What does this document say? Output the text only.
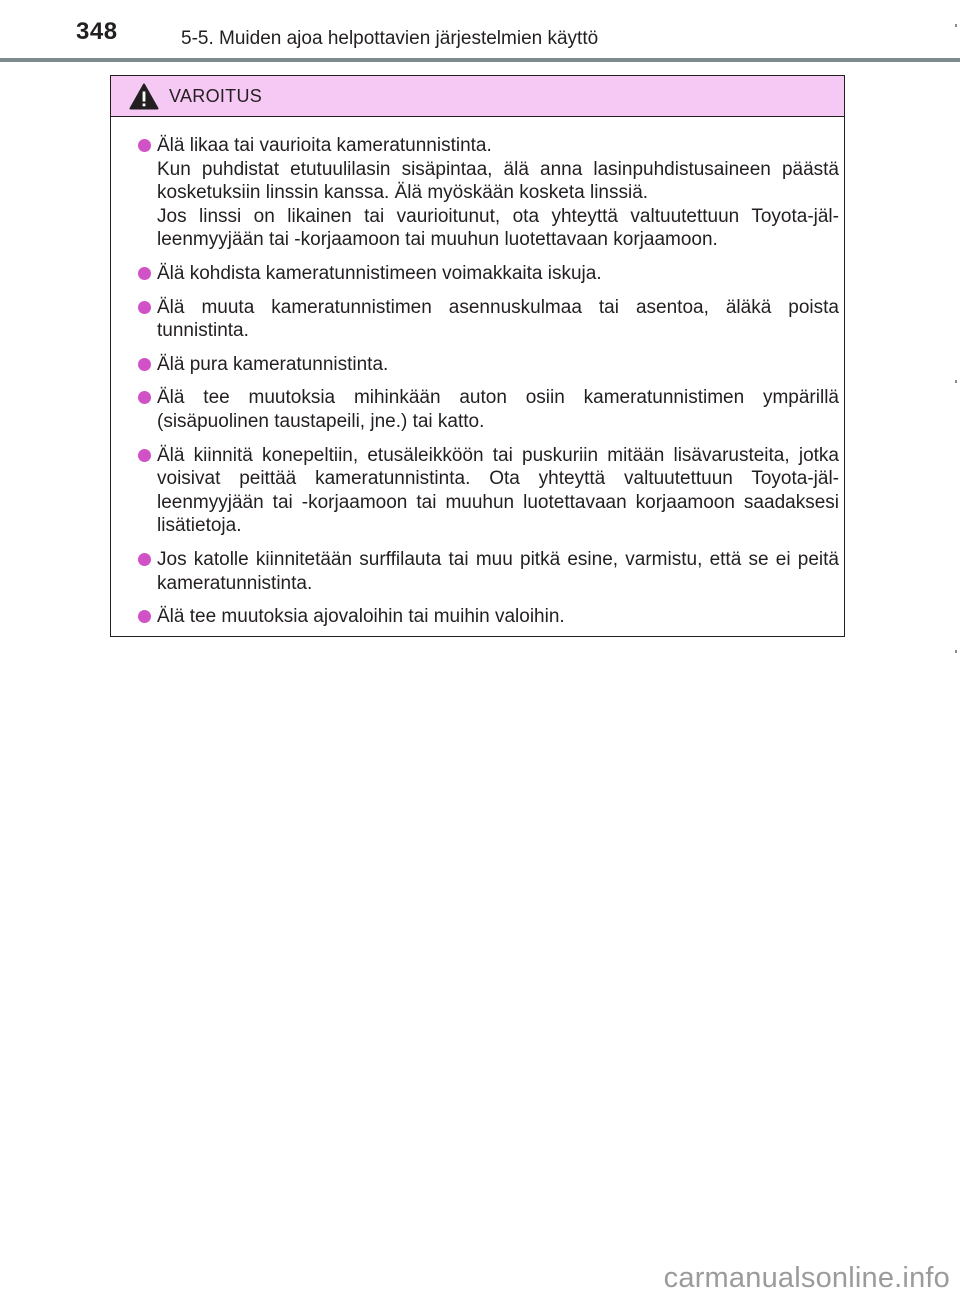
348	5-5. Muiden ajoa helpottavien järjestelmien käyttö
VAROITUS
Älä likaa tai vaurioita kameratunnistinta.
Kun puhdistat etutuulilasin sisäpintaa, älä anna lasinpuhdistusaineen päästä kosketuksiin linssin kanssa. Älä myöskään kosketa linssiä.
Jos linssi on likainen tai vaurioitunut, ota yhteyttä valtuutettuun Toyota-jälleenmyyjään tai -korjaamoon tai muuhun luotettavaan korjaamoon.
Älä kohdista kameratunnistimeen voimakkaita iskuja.
Älä muuta kameratunnistimen asennuskulmaa tai asentoa, äläkä poista tunnistinta.
Älä pura kameratunnistinta.
Älä tee muutoksia mihinkään auton osiin kameratunnistimen ympärillä (sisäpuolinen taustapeili, jne.) tai katto.
Älä kiinnitä konepeltiin, etusäleikköön tai puskuriin mitään lisävarusteita, jotka voisivat peittää kameratunnistinta. Ota yhteyttä valtuutettuun Toyota-jälleenmyyjään tai -korjaamoon tai muuhun luotettavaan korjaamoon saadaksesi lisätietoja.
Jos katolle kiinnitetään surffilauta tai muu pitkä esine, varmistu, että se ei peitä kameratunnistinta.
Älä tee muutoksia ajovaloihin tai muihin valoihin.
carmanualsonline.info
